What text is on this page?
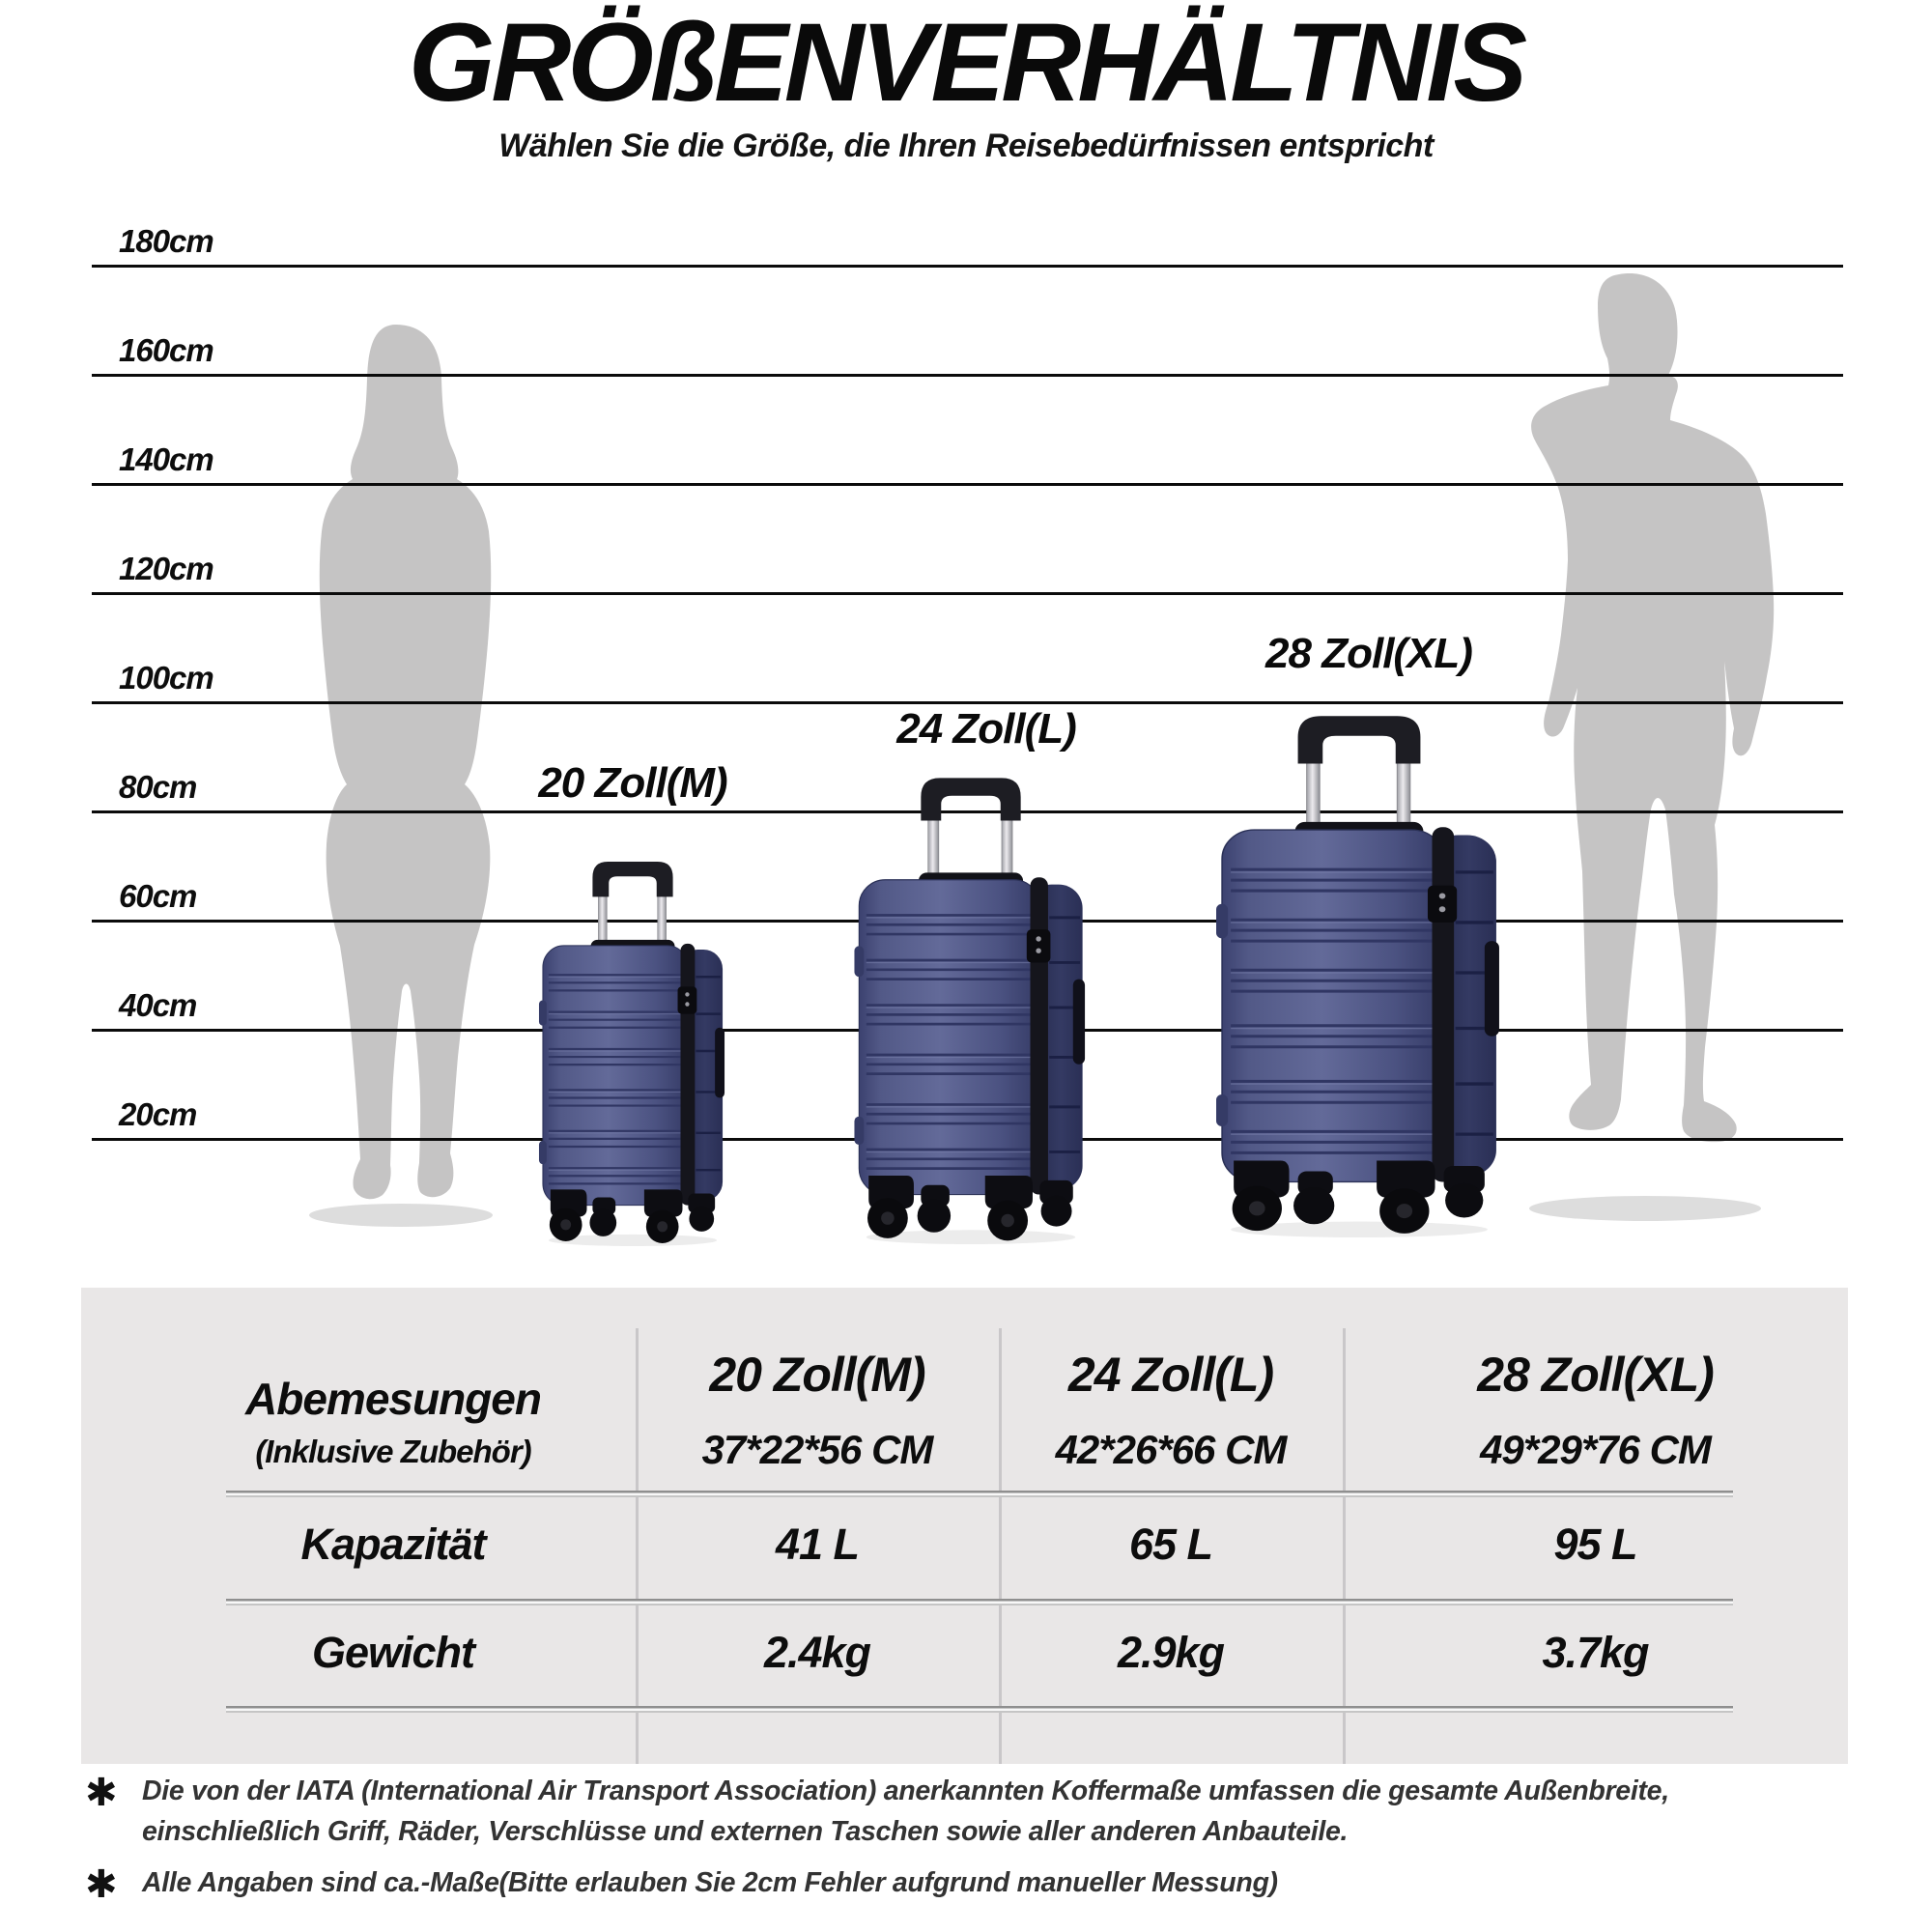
GRÖßENVERHÄLTNIS
Wählen Sie die Größe, die Ihren Reisebedürfnissen entspricht
180cm
160cm
140cm
120cm
100cm
80cm
60cm
40cm
20cm
20 Zoll(M)
24 Zoll(L)
28 Zoll(XL)
Abemesungen
(Inklusive Zubehör)
Kapazität
Gewicht
20 Zoll(M)
37*22*56 CM
41 L
2.4kg
24 Zoll(L)
42*26*66 CM
65 L
2.9kg
28 Zoll(XL)
49*29*76 CM
95 L
3.7kg
✱ Die von der IATA (International Air Transport Association) anerkannten Koffermaße umfassen die gesamte Außenbreite, einschließlich Griff, Räder, Verschlüsse und externen Taschen sowie aller anderen Anbauteile.
✱ Alle Angaben sind ca.-Maße(Bitte erlauben Sie 2cm Fehler aufgrund manueller Messung)
